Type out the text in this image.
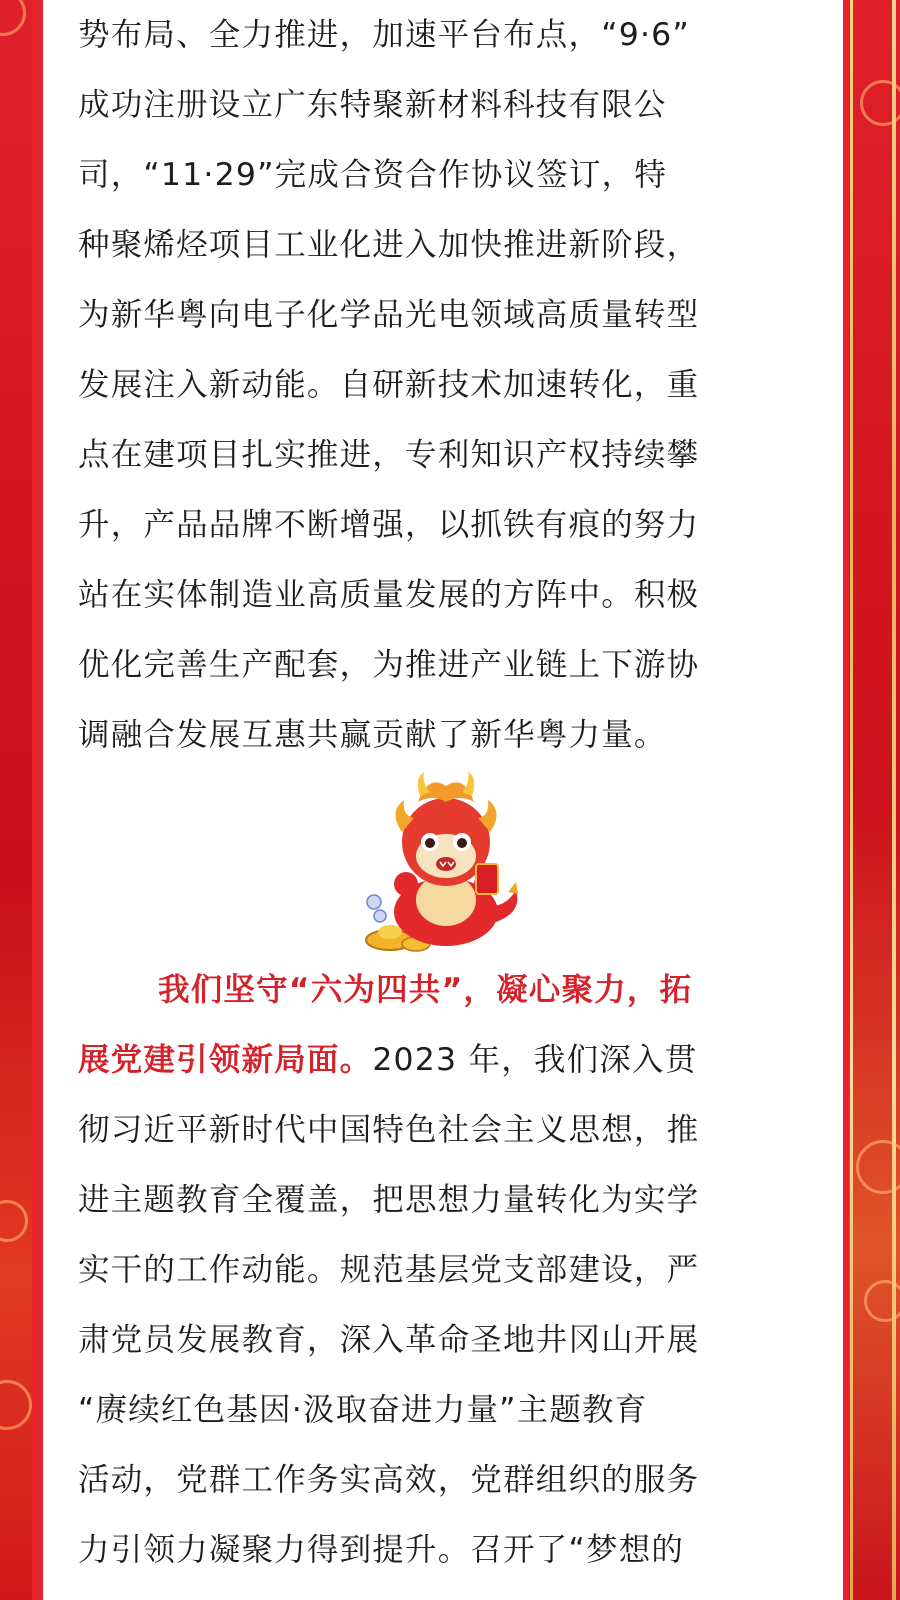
势布局、全力推进，加速平台布点，“9·6”

成功注册设立广东特聚新材料科技有限公

司，“11·29”完成合资合作协议签订，特

种聚烯烃项目工业化进入加快推进新阶段，

为新华粤向电子化学品光电领域高质量转型

发展注入新动能。自研新技术加速转化，重

点在建项目扎实推进，专利知识产权持续攀

升，产品品牌不断增强，以抓铁有痕的努力

站在实体制造业高质量发展的方阵中。积极

优化完善生产配套，为推进产业链上下游协

调融合发展互惠共赢贡献了新华粤力量。

我们坚守“六为四共”，凝心聚力，拓

展党建引领新局面。2023 年，我们深入贯

彻习近平新时代中国特色社会主义思想，推

进主题教育全覆盖，把思想力量转化为实学

实干的工作动能。规范基层党支部建设，严

肃党员发展教育，深入革命圣地井冈山开展

“赓续红色基因·汲取奋进力量”主题教育

活动，党群工作务实高效，党群组织的服务

力引领力凝聚力得到提升。召开了“梦想的
